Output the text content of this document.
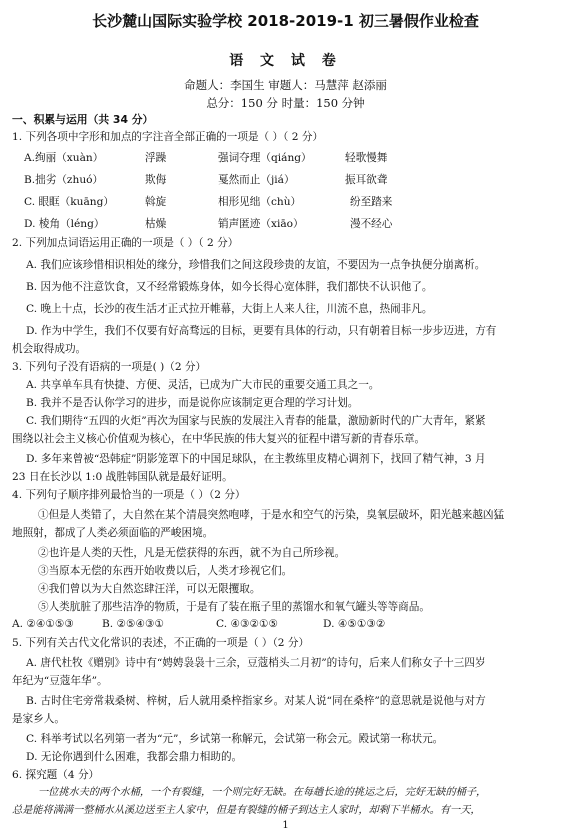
长沙麓山国际实验学校 2018-2019-1 初三暑假作业检查
语 文 试 卷
命题人：李国生 审题人：马慧萍 赵添丽
总分：150 分 时量：150 分钟
一、积累与运用（共 34 分）
1. 下列各项中字形和加点的字注音全部正确的一项是（ ）（ 2 分）
A.绚丽（xuàn）	浮躁	强词夺理（qiáng）	轻歌慢舞
B.拙劣（zhuó）	欺侮	戛然而止（jiá）	振耳欲聋
C. 眼眶（kuāng）	斡旋	相形见绌（chù）	纷至踏来
D. 棱角（léng）	枯燥	销声匿迹（xiāo）	漫不经心
2. 下列加点词语运用正确的一项是（ ）（ 2 分）
A. 我们应该珍惜相识相处的缘分，珍惜我们之间这段珍贵的友谊，不要因为一点争执便分崩离析。
B. 因为他不注意饮食，又不经常锻炼身体，如今长得心宽体胖，我们都快不认识他了。
C. 晚上十点，长沙的夜生活才正式拉开帷幕，大街上人来人往，川流不息，热闹非凡。
D. 作为中学生，我们不仅要有好高骛远的目标，更要有具体的行动，只有朝着目标一步步迈进，方有
机会取得成功。
3. 下列句子没有语病的一项是( )（2 分）
A. 共享单车具有快捷、方便、灵活，已成为广大市民的重要交通工具之一。
B. 我并不是否认你学习的进步，而是说你应该制定更合理的学习计划。
C. 我们期待“五四的火炬”再次为国家与民族的发展注入青春的能量，激励新时代的广大青年，紧紧
围绕以社会主义核心价值观为核心，在中华民族的伟大复兴的征程中谱写新的青春乐章。
D. 多年来曾被“恐韩症”阴影笼罩下的中国足球队，在主教练里皮精心调剂下，找回了精气神，3 月
23 日在长沙以 1:0 战胜韩国队就是最好证明。
4. 下列句子顺序排列最恰当的一项是（ ）（2 分）
①但是人类错了，大自然在某个清晨突然咆哮，于是水和空气的污染，臭氧层破坏，阳光越来越凶猛
地照射，都成了人类必须面临的严峻困境。
②也许是人类的天性，凡是无偿获得的东西，就不为自己所珍视。
③当原本无偿的东西开始收费以后，人类才珍视它们。
④我们曾以为大自然恣肆汪洋，可以无限攫取。
⑤人类肮脏了那些洁净的物质，于是有了装在瓶子里的蒸馏水和氧气罐头等等商品。
A. ②④①⑤③	B. ②⑤④③①	C. ④③②①⑤	D. ④⑤①③②
5. 下列有关古代文化常识的表述，不正确的一项是（ ）（2 分）
A. 唐代杜牧《赠别》诗中有“娉娉袅袅十三余，豆蔻梢头二月初”的诗句，后来人们称女子十三四岁
年纪为“豆蔻年华”。
B. 古时住宅旁常栽桑树、梓树，后人就用桑梓指家乡。对某人说“同在桑梓”的意思就是说他与对方
是家乡人。
C. 科举考试以名列第一者为“元”，乡试第一称解元，会试第一称会元。殿试第一称状元。
D. 无论你遇到什么困难，我都会鼎力相助的。
6. 探究题（4 分）
一位挑水夫的两个水桶，一个有裂缝，一个则完好无缺。在每趟长途的挑运之后，完好无缺的桶子，
总是能将满满一整桶水从溪边送至主人家中，但是有裂缝的桶子到达主人家时，却剩下半桶水。有一天，
1
